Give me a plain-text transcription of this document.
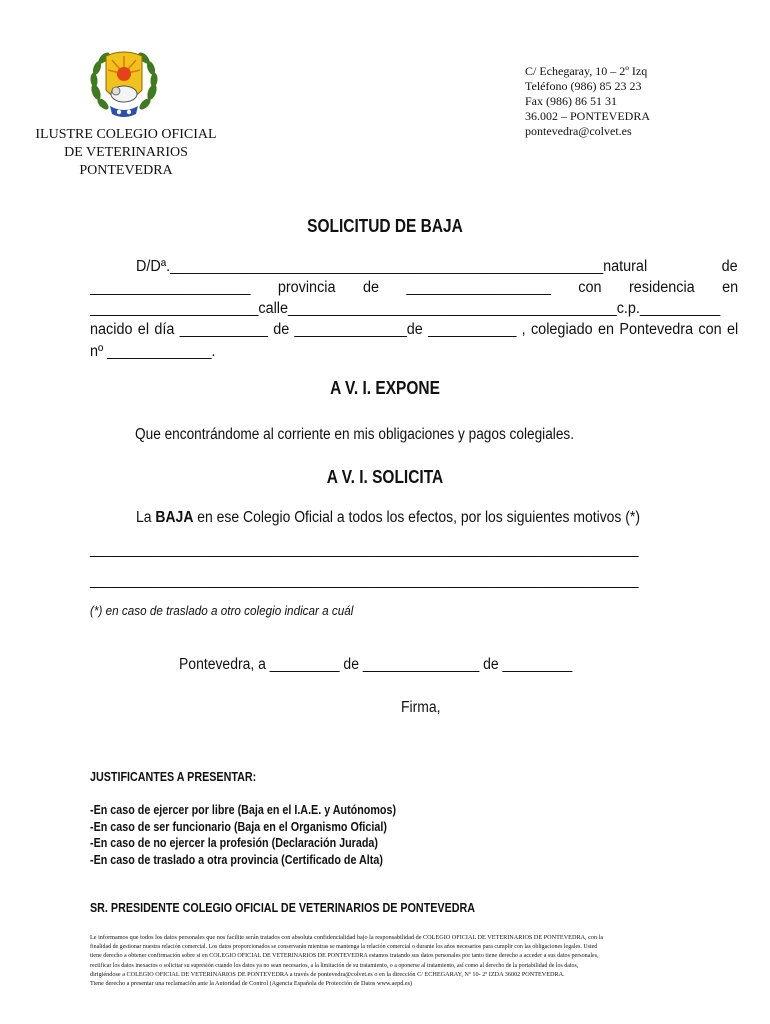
ILUSTRE COLEGIO OFICIAL
DE VETERINARIOS
PONTEVEDRA
C/ Echegaray, 10 – 2º Izq
Teléfono (986) 85 23 23
Fax (986) 86 51 31
36.002 – PONTEVEDRA
pontevedra@colvet.es
SOLICITUD DE BAJA
D/Dª.______________________________________________________natural de
____________________ provincia de __________________ con residencia en
_____________________calle_________________________________________c.p.__________
nacido el día ___________ de ______________de ___________ , colegiado en Pontevedra con el
nº _____________.
A V. I. EXPONE
Que encontrándome al corriente en mis obligaciones y pagos colegiales.
A V. I. SOLICITA
La BAJA en ese Colegio Oficial a todos los efectos, por los siguientes motivos (*)
__________________________________________________________________________
__________________________________________________________________________
(*) en caso de traslado a otro colegio indicar a cuál
Pontevedra, a _________ de _______________ de _________
Firma,
JUSTIFICANTES A PRESENTAR:
-En caso de ejercer por libre (Baja en el I.A.E. y Autónomos)
-En caso de ser funcionario (Baja en el Organismo Oficial)
-En caso de no ejercer la profesión (Declaración Jurada)
-En caso de traslado a otra provincia (Certificado de Alta)
SR. PRESIDENTE COLEGIO OFICIAL DE VETERINARIOS DE PONTEVEDRA
Le informamos que todos los datos personales que nos facilite serán tratados con absoluta confidencialidad bajo la responsabilidad de COLEGIO OFICIAL DE VETERINARIOS DE PONTEVEDRA, con la
finalidad de gestionar nuestra relación comercial. Los datos proporcionados se conservarán mientras se mantenga la relación comercial o durante los años necesarios para cumplir con las obligaciones legales. Usted
tiene derecho a obtener confirmación sobre si en COLEGIO OFICIAL DE VETERINARIOS DE PONTEVEDRA estamos tratando sus datos personales por tanto tiene derecho a acceder a sus datos personales,
rectificar los datos inexactos o solicitar su supresión cuando los datos ya no sean necesarios, a la limitación de su tratamiento, o a oponerse al tratamiento, así como al derecho de la portabilidad de los datos,
dirigiéndose a COLEGIO OFICIAL DE VETERINARIOS DE PONTEVEDRA a través de pontevedra@colvet.es o en la dirección C/ ECHEGARAY, Nº 10- 2º IZDA 36002 PONTEVEDRA.
Tiene derecho a presentar una reclamación ante la Autoridad de Control (Agencia Española de Protección de Datos www.aepd.es)
